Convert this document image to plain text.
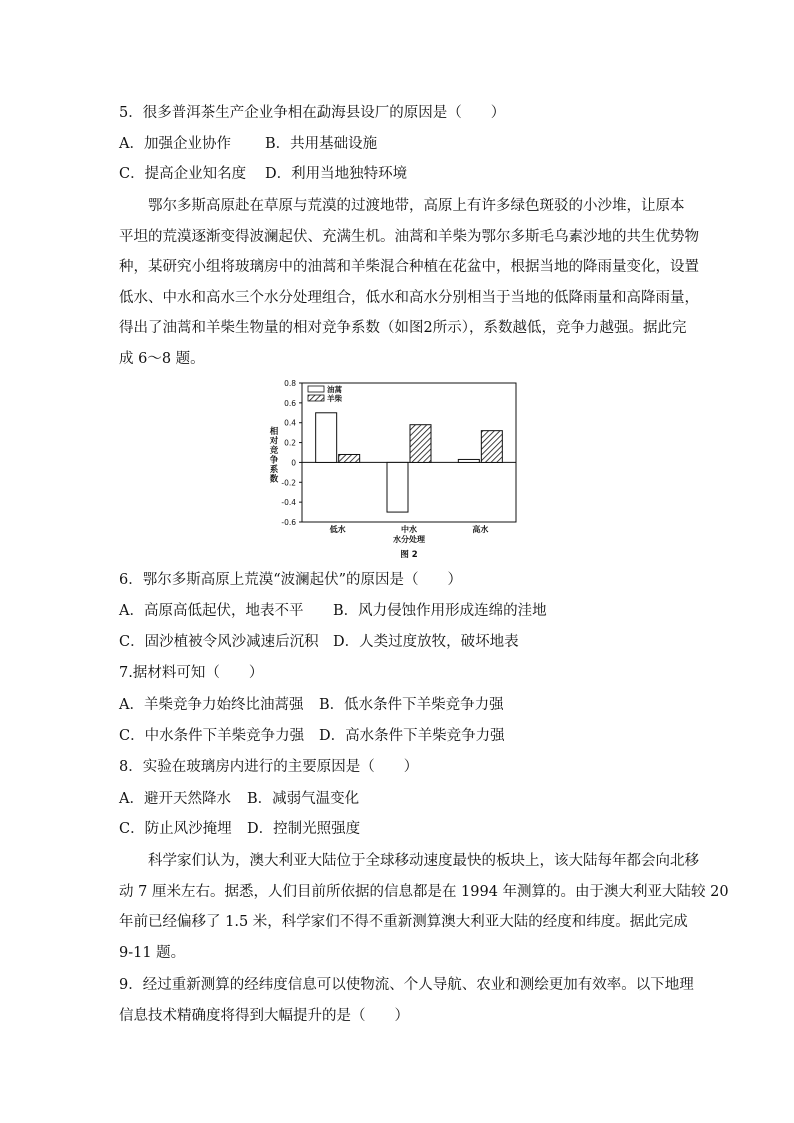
5．很多普洱茶生产企业争相在勐海县设厂的原因是（　　）
A．加强企业协作 B．共用基础设施
C．提高企业知名度 D．利用当地独特环境
鄂尔多斯高原赴在草原与荒漠的过渡地带，高原上有许多绿色斑驳的小沙堆，让原本
平坦的荒漠逐渐变得波澜起伏、充满生机。油蒿和羊柴为鄂尔多斯毛乌素沙地的共生优势物
种，某研究小组将玻璃房中的油蒿和羊柴混合种植在花盆中，根据当地的降雨量变化，设置
低水、中水和高水三个水分处理组合，低水和高水分别相当于当地的低降雨量和高降雨量，
得出了油蒿和羊柴生物量的相对竞争系数（如图2所示），系数越低，竞争力越强。据此完
成 6～8 题。
0.8
0.6
0.4
0.2
0
-0.2
-0.4
-0.6
相
对
竞
争
系
数
低水	中水	高水
水分处理
油蒿
羊柴
图 2
6．鄂尔多斯高原上荒漠“波澜起伏”的原因是（　　）
A．高原高低起伏，地表不平 B．风力侵蚀作用形成连绵的洼地
C．固沙植被令风沙减速后沉积 D．人类过度放牧，破坏地表
7.据材料可知（　　）
A．羊柴竞争力始终比油蒿强 B．低水条件下羊柴竞争力强
C．中水条件下羊柴竞争力强 D．高水条件下羊柴竞争力强
8．实验在玻璃房内进行的主要原因是（　　）
A．避开天然降水 B．减弱气温变化
C．防止风沙掩埋 D．控制光照强度
科学家们认为，澳大利亚大陆位于全球移动速度最快的板块上，该大陆每年都会向北移
动 7 厘米左右。据悉，人们目前所依据的信息都是在 1994 年测算的。由于澳大利亚大陆较 20
年前已经偏移了 1.5 米，科学家们不得不重新测算澳大利亚大陆的经度和纬度。据此完成
9-11 题。
9．经过重新测算的经纬度信息可以使物流、个人导航、农业和测绘更加有效率。以下地理
信息技术精确度将得到大幅提升的是（　　）
